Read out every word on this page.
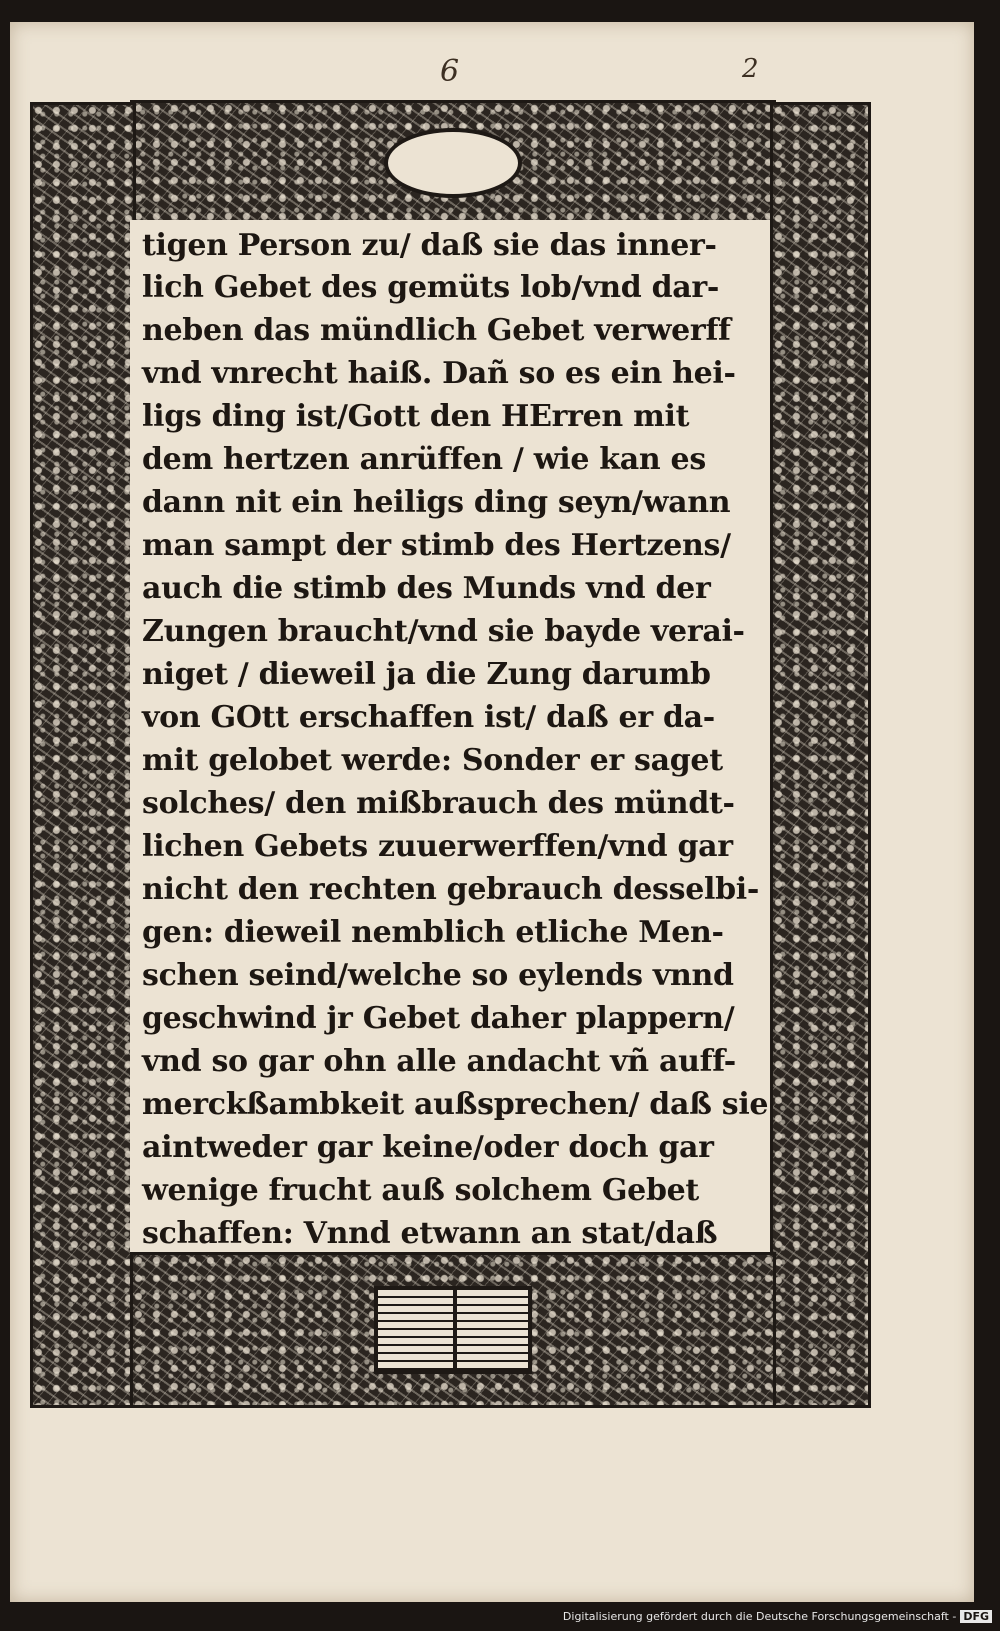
6	2
tigen Person zu/ daß sie das inner-
lich Gebet des gemüts lob/vnd dar-
neben das mündlich Gebet verwerff
vnd vnrecht haiß. Dañ so es ein hei-
ligs ding ist/Gott den HErren mit
dem hertzen anrüffen / wie kan es
dann nit ein heiligs ding seyn/wann
man sampt der stimb des Hertzens/
auch die stimb des Munds vnd der
Zungen braucht/vnd sie bayde verai-
niget / dieweil ja die Zung darumb
von GOtt erschaffen ist/ daß er da-
mit gelobet werde: Sonder er saget
solches/ den mißbrauch des mündt-
lichen Gebets zuuerwerffen/vnd gar
nicht den rechten gebrauch desselbi-
gen: dieweil nemblich etliche Men-
schen seind/welche so eylends vnnd
geschwind jr Gebet daher plappern/
vnd so gar ohn alle andacht vñ auff-
merckßambkeit außsprechen/ daß sie
aintweder gar keine/oder doch gar
wenige frucht auß solchem Gebet
schaffen: Vnnd etwann an stat/daß
Digitalisierung gefördert durch die Deutsche Forschungsgemeinschaft - DFG
